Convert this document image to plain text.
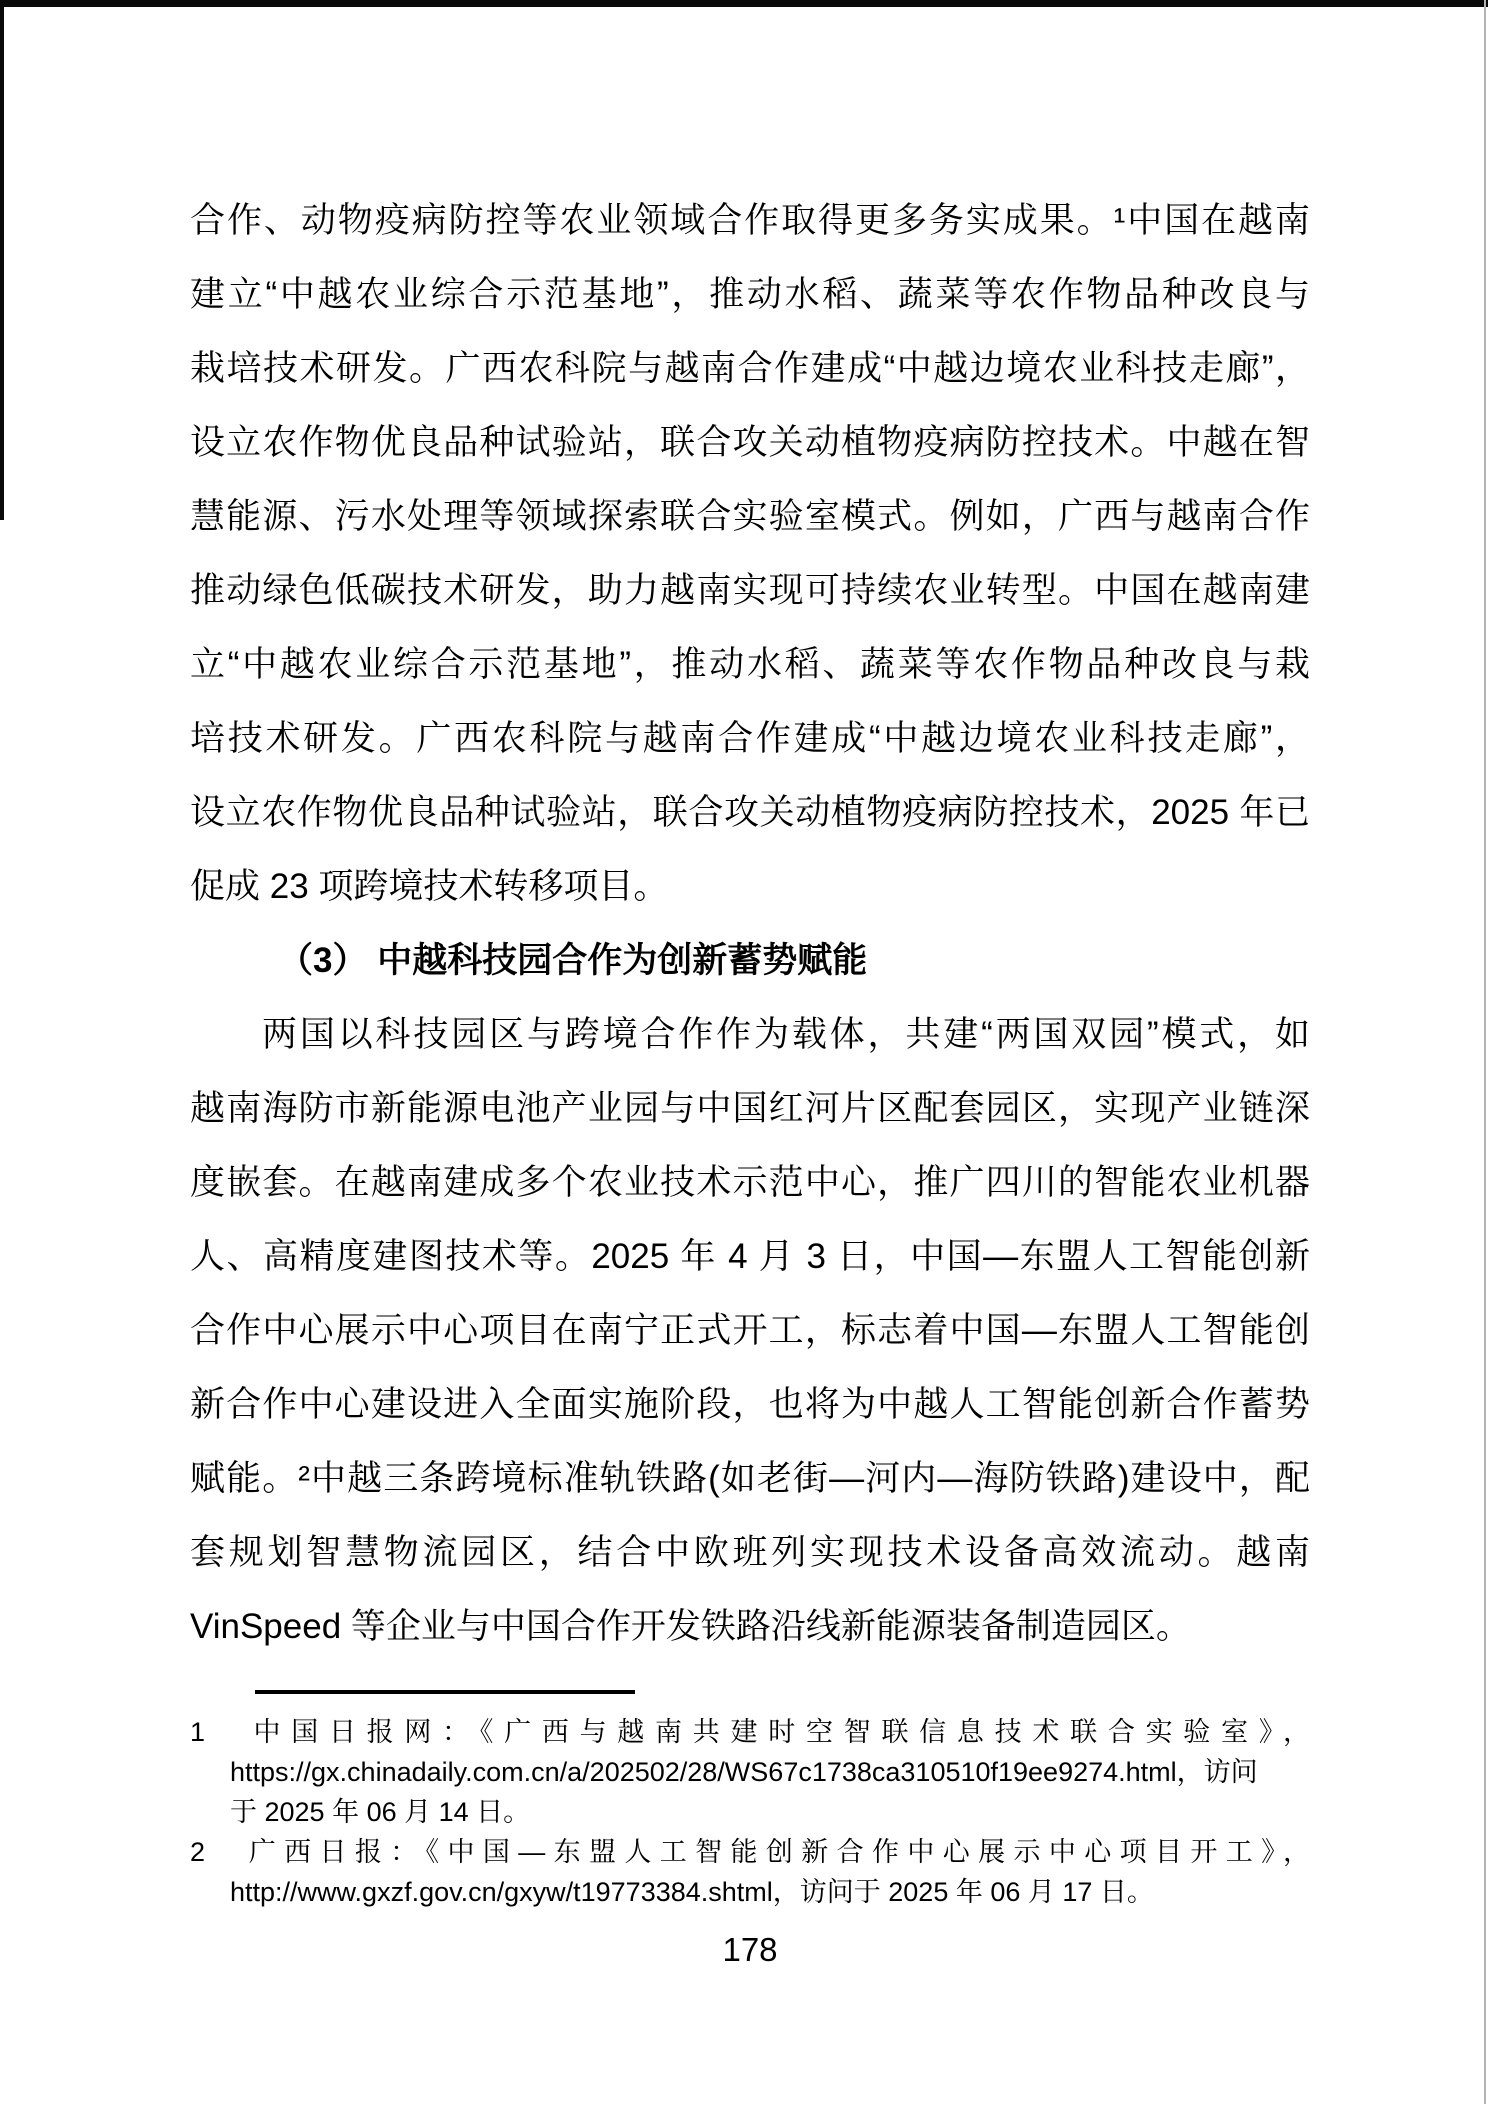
合作、动物疫病防控等农业领域合作取得更多务实成果。¹中国在越南
建立“中越农业综合示范基地”，推动水稻、蔬菜等农作物品种改良与
栽培技术研发。广西农科院与越南合作建成“中越边境农业科技走廊”，
设立农作物优良品种试验站，联合攻关动植物疫病防控技术。中越在智
慧能源、污水处理等领域探索联合实验室模式。例如，广西与越南合作
推动绿色低碳技术研发，助力越南实现可持续农业转型。中国在越南建
立“中越农业综合示范基地”，推动水稻、蔬菜等农作物品种改良与栽
培技术研发。广西农科院与越南合作建成“中越边境农业科技走廊”，
设立农作物优良品种试验站，联合攻关动植物疫病防控技术，2025 年已
促成 23 项跨境技术转移项目。
（3） 中越科技园合作为创新蓄势赋能
两国以科技园区与跨境合作作为载体，共建“两国双园”模式，如
越南海防市新能源电池产业园与中国红河片区配套园区，实现产业链深
度嵌套。在越南建成多个农业技术示范中心，推广四川的智能农业机器
人、高精度建图技术等。2025 年 4 月 3 日，中国—东盟人工智能创新
合作中心展示中心项目在南宁正式开工，标志着中国—东盟人工智能创
新合作中心建设进入全面实施阶段，也将为中越人工智能创新合作蓄势
赋能。²中越三条跨境标准轨铁路(如老街—河内—海防铁路)建设中，配
套规划智慧物流园区，结合中欧班列实现技术设备高效流动。越南
VinSpeed 等企业与中国合作开发铁路沿线新能源装备制造园区。
1　中国日报网：《广西与越南共建时空智联信息技术联合实验室》，
https://gx.chinadaily.com.cn/a/202502/28/WS67c1738ca310510f19ee9274.html，访问
于 2025 年 06 月 14 日。
2　广西日报：《中国—东盟人工智能创新合作中心展示中心项目开工》，
http://www.gxzf.gov.cn/gxyw/t19773384.shtml，访问于 2025 年 06 月 17 日。
178
